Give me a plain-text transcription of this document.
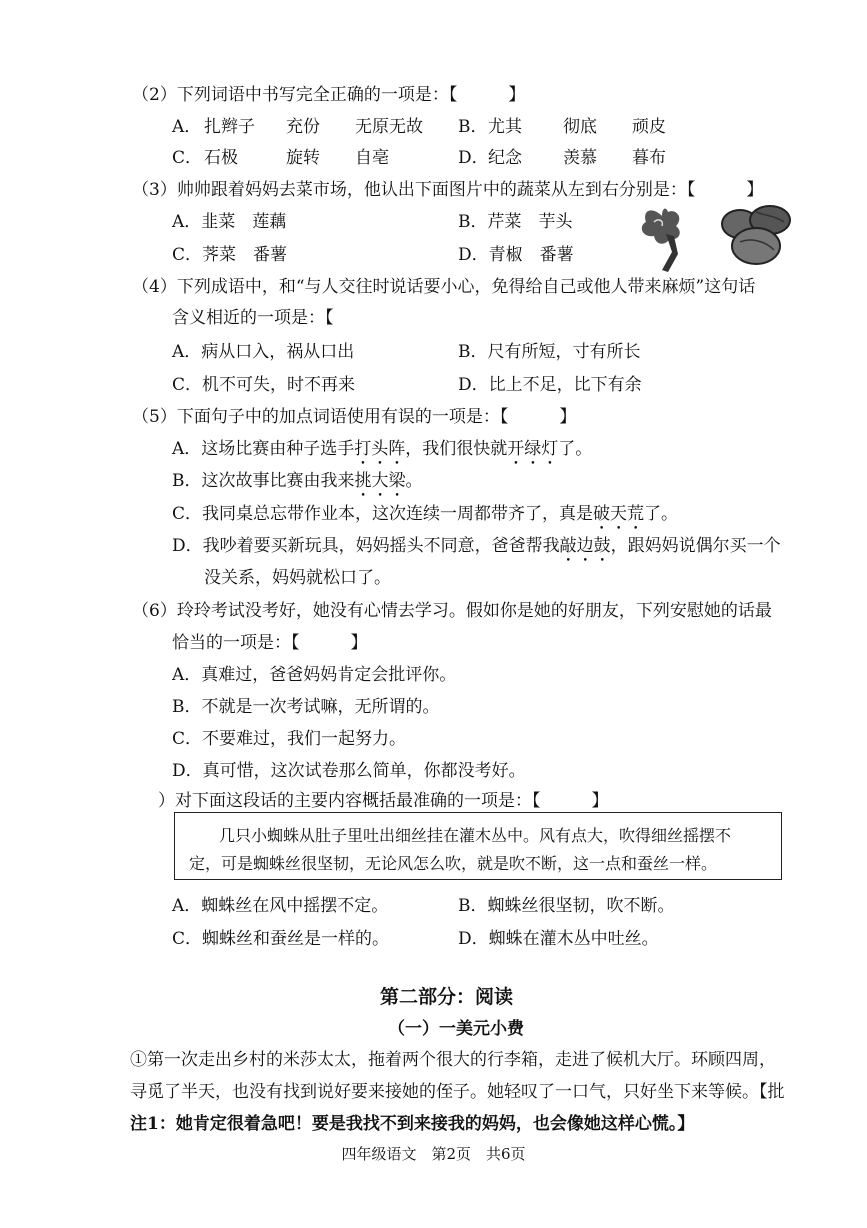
（2）下列词语中书写完全正确的一项是：【　　　】
A． 扎辫子 充份 无原无故 B． 尤其 彻底 顽皮
C． 石极	旋转 自亳	D． 纪念 羡慕 暮布
（3）帅帅跟着妈妈去菜市场，他认出下面图片中的蔬菜从左到右分别是：【　　　】
A．韭菜　莲藕	B．芹菜　芋头
C．荠菜　番薯	D．青椒　番薯
（4）下列成语中，和“与人交往时说话要小心，免得给自己或他人带来麻烦”这句话
含义相近的一项是：【
A．病从口入，祸从口出	B．尺有所短，寸有所长
C．机不可失，时不再来	D．比上不足，比下有余
（5）下面句子中的加点词语使用有误的一项是：【　　　】
A．这场比赛由种子选手打头阵，我们很快就开绿灯了。
B．这次故事比赛由我来挑大梁。
C．我同桌总忘带作业本，这次连续一周都带齐了，真是破天荒了。
D．我吵着要买新玩具，妈妈摇头不同意，爸爸帮我敲边鼓，跟妈妈说偶尔买一个
没关系，妈妈就松口了。
（6）玲玲考试没考好，她没有心情去学习。假如你是她的好朋友，下列安慰她的话最
恰当的一项是：【　　　】
A．真难过，爸爸妈妈肯定会批评你。
B．不就是一次考试嘛，无所谓的。
C．不要难过，我们一起努力。
D．真可惜，这次试卷那么简单，你都没考好。
）对下面这段话的主要内容概括最准确的一项是：【　　　】
几只小蜘蛛从肚子里吐出细丝挂在灌木丛中。风有点大，吹得细丝摇摆不
定，可是蜘蛛丝很坚韧，无论风怎么吹，就是吹不断，这一点和蚕丝一样。
A．蜘蛛丝在风中摇摆不定。	B．蜘蛛丝很坚韧，吹不断。
C．蜘蛛丝和蚕丝是一样的。	D．蜘蛛在灌木丛中吐丝。
第二部分：阅读
（一）一美元小费
①第一次走出乡村的米莎太太，拖着两个很大的行李箱，走进了候机大厅。环顾四周，
寻觅了半天，也没有找到说好要来接她的侄子。她轻叹了一口气，只好坐下来等候。【批
注1：她肯定很着急吧！要是我找不到来接我的妈妈，也会像她这样心慌。】
四年级语文　第2页　共6页
